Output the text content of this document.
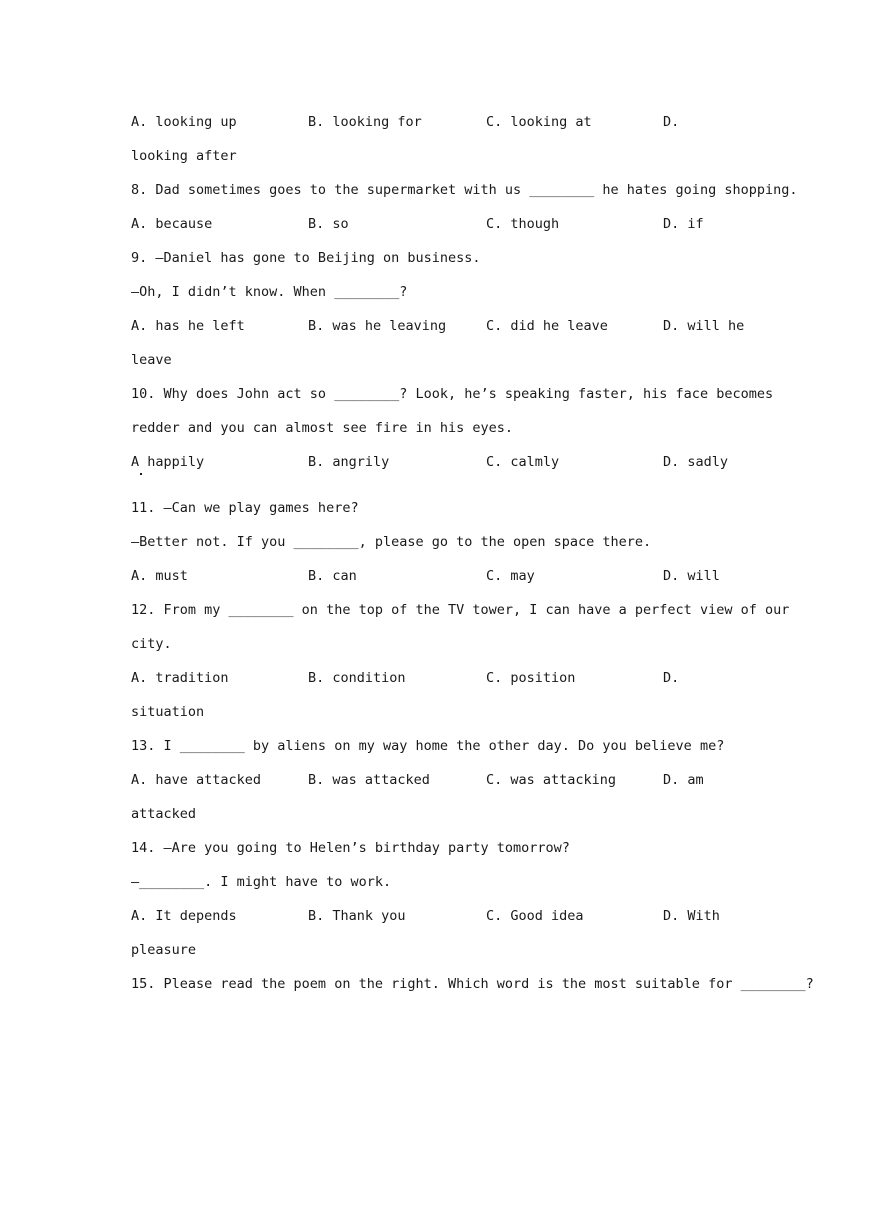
A. looking up	B. looking for	C. looking at	D.
looking after
8. Dad sometimes goes to the supermarket with us ________ he hates going shopping.
A. because	B. so	C. though	D. if
9. —Daniel has gone to Beijing on business.
—Oh, I didn’t know. When ________?
A. has he left	B. was he leaving	C. did he leave	D. will he
leave
10. Why does John act so ________? Look, he’s speaking faster, his face becomes
redder and you can almost see fire in his eyes.
A happily	B. angrily	C. calmly	D. sadly
11. —Can we play games here?
—Better not. If you ________, please go to the open space there.
A. must	B. can	C. may	D. will
12. From my ________ on the top of the TV tower, I can have a perfect view of our
city.
A. tradition	B. condition	C. position	D.
situation
13. I ________ by aliens on my way home the other day. Do you believe me?
A. have attacked	B. was attacked	C. was attacking	D. am
attacked
14. —Are you going to Helen’s birthday party tomorrow?
—________. I might have to work.
A. It depends	B. Thank you	C. Good idea	D. With
pleasure
15. Please read the poem on the right. Which word is the most suitable for ________?
